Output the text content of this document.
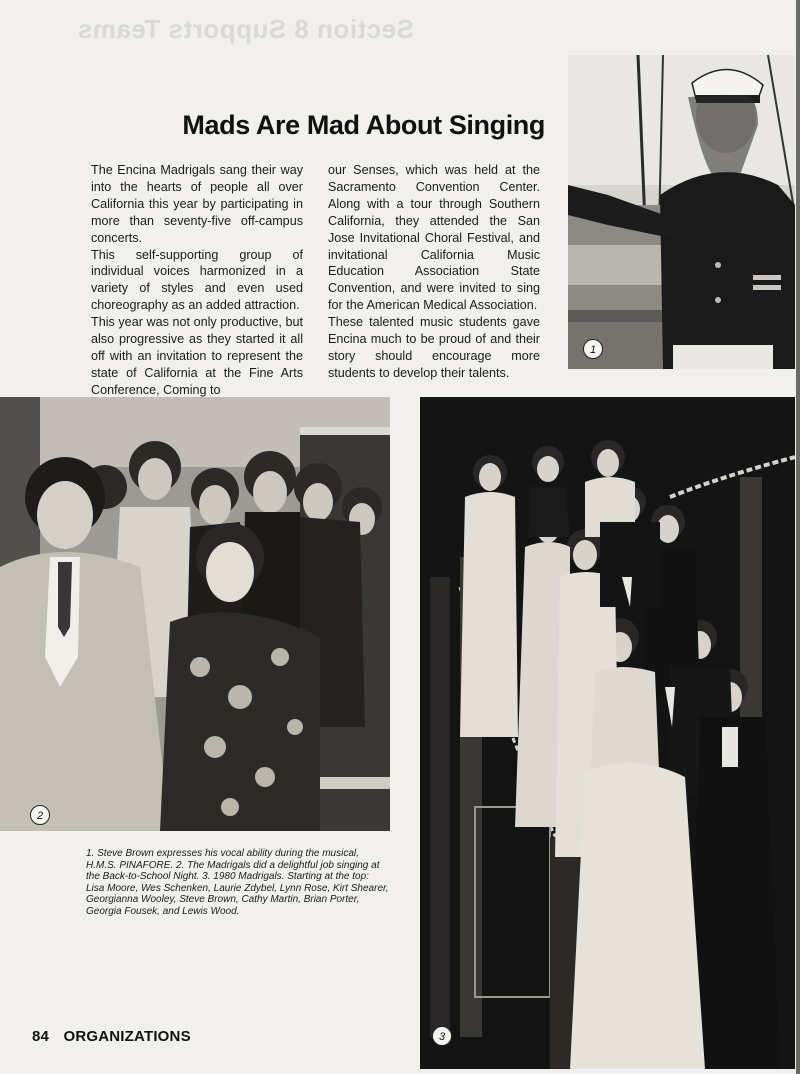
Section 8 Supports Teams
Mads Are Mad About Singing

The Encina Madrigals sang their way into the hearts of people all over California this year by participating in more than seventy-five off-campus concerts.

This self-supporting group of individual voices harmonized in a variety of styles and even used choreography as an added attraction.

This year was not only productive, but also progressive as they started it all off with an invitation to represent the state of California at the Fine Arts Conference, Coming to

our Senses, which was held at the Sacramento Convention Center. Along with a tour through Southern California, they attended the San Jose Invitational Choral Festival, and invitational California Music Education Association State Convention, and were invited to sing for the American Medical Association.

These talented music students gave Encina much to be proud of and their story should encourage more students to develop their talents.

1
2
3

1. Steve Brown expresses his vocal ability during the musical, H.M.S. PINAFORE. 2. The Madrigals did a delightful job singing at the Back-to-School Night. 3. 1980 Madrigals. Starting at the top: Lisa Moore, Wes Schenken, Laurie Zdybel, Lynn Rose, Kirt Shearer, Georgianna Wooley, Steve Brown, Cathy Martin, Brian Porter, Georgia Fousek, and Lewis Wood.

84 ORGANIZATIONS
